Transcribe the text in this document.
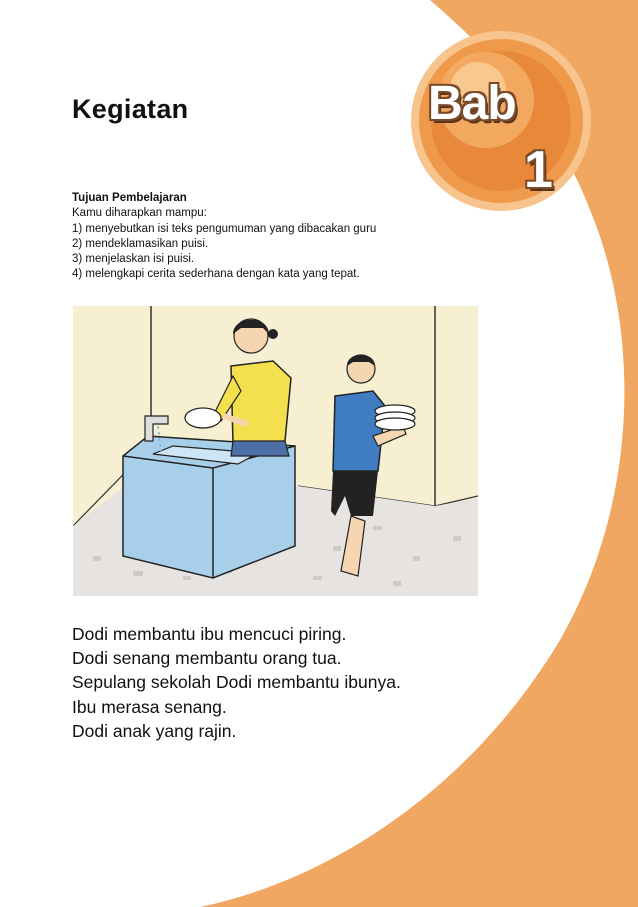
Kegiatan
Tujuan Pembelajaran
Kamu diharapkan mampu:
1) menyebutkan isi teks pengumuman yang dibacakan guru
2) mendeklamasikan puisi.
3) menjelaskan isi puisi.
4) melengkapi cerita sederhana dengan kata yang tepat.
Bab
1
Dodi membantu ibu mencuci piring.
Dodi senang membantu orang tua.
Sepulang sekolah Dodi membantu ibunya.
Ibu merasa senang.
Dodi anak yang rajin.
